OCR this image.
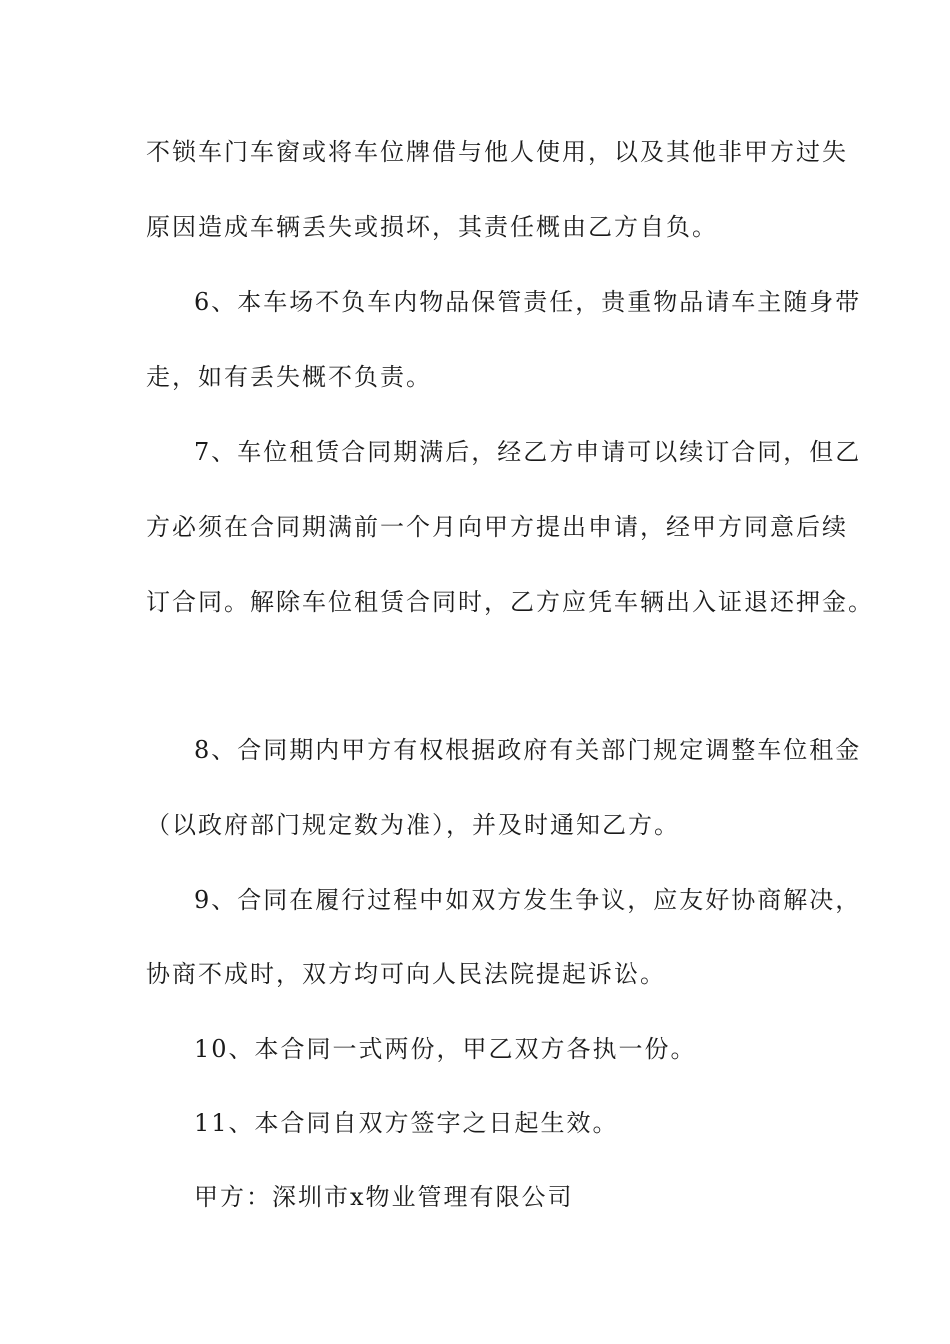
不锁车门车窗或将车位牌借与他人使用，以及其他非甲方过失
原因造成车辆丢失或损坏，其责任概由乙方自负。
6、本车场不负车内物品保管责任，贵重物品请车主随身带
走，如有丢失概不负责。
7、车位租赁合同期满后，经乙方申请可以续订合同，但乙
方必须在合同期满前一个月向甲方提出申请，经甲方同意后续
订合同。解除车位租赁合同时，乙方应凭车辆出入证退还押金。
8、合同期内甲方有权根据政府有关部门规定调整车位租金
（以政府部门规定数为准），并及时通知乙方。
9、合同在履行过程中如双方发生争议，应友好协商解决，
协商不成时，双方均可向人民法院提起诉讼。
10、本合同一式两份，甲乙双方各执一份。
11、本合同自双方签字之日起生效。
甲方：深圳市x物业管理有限公司
